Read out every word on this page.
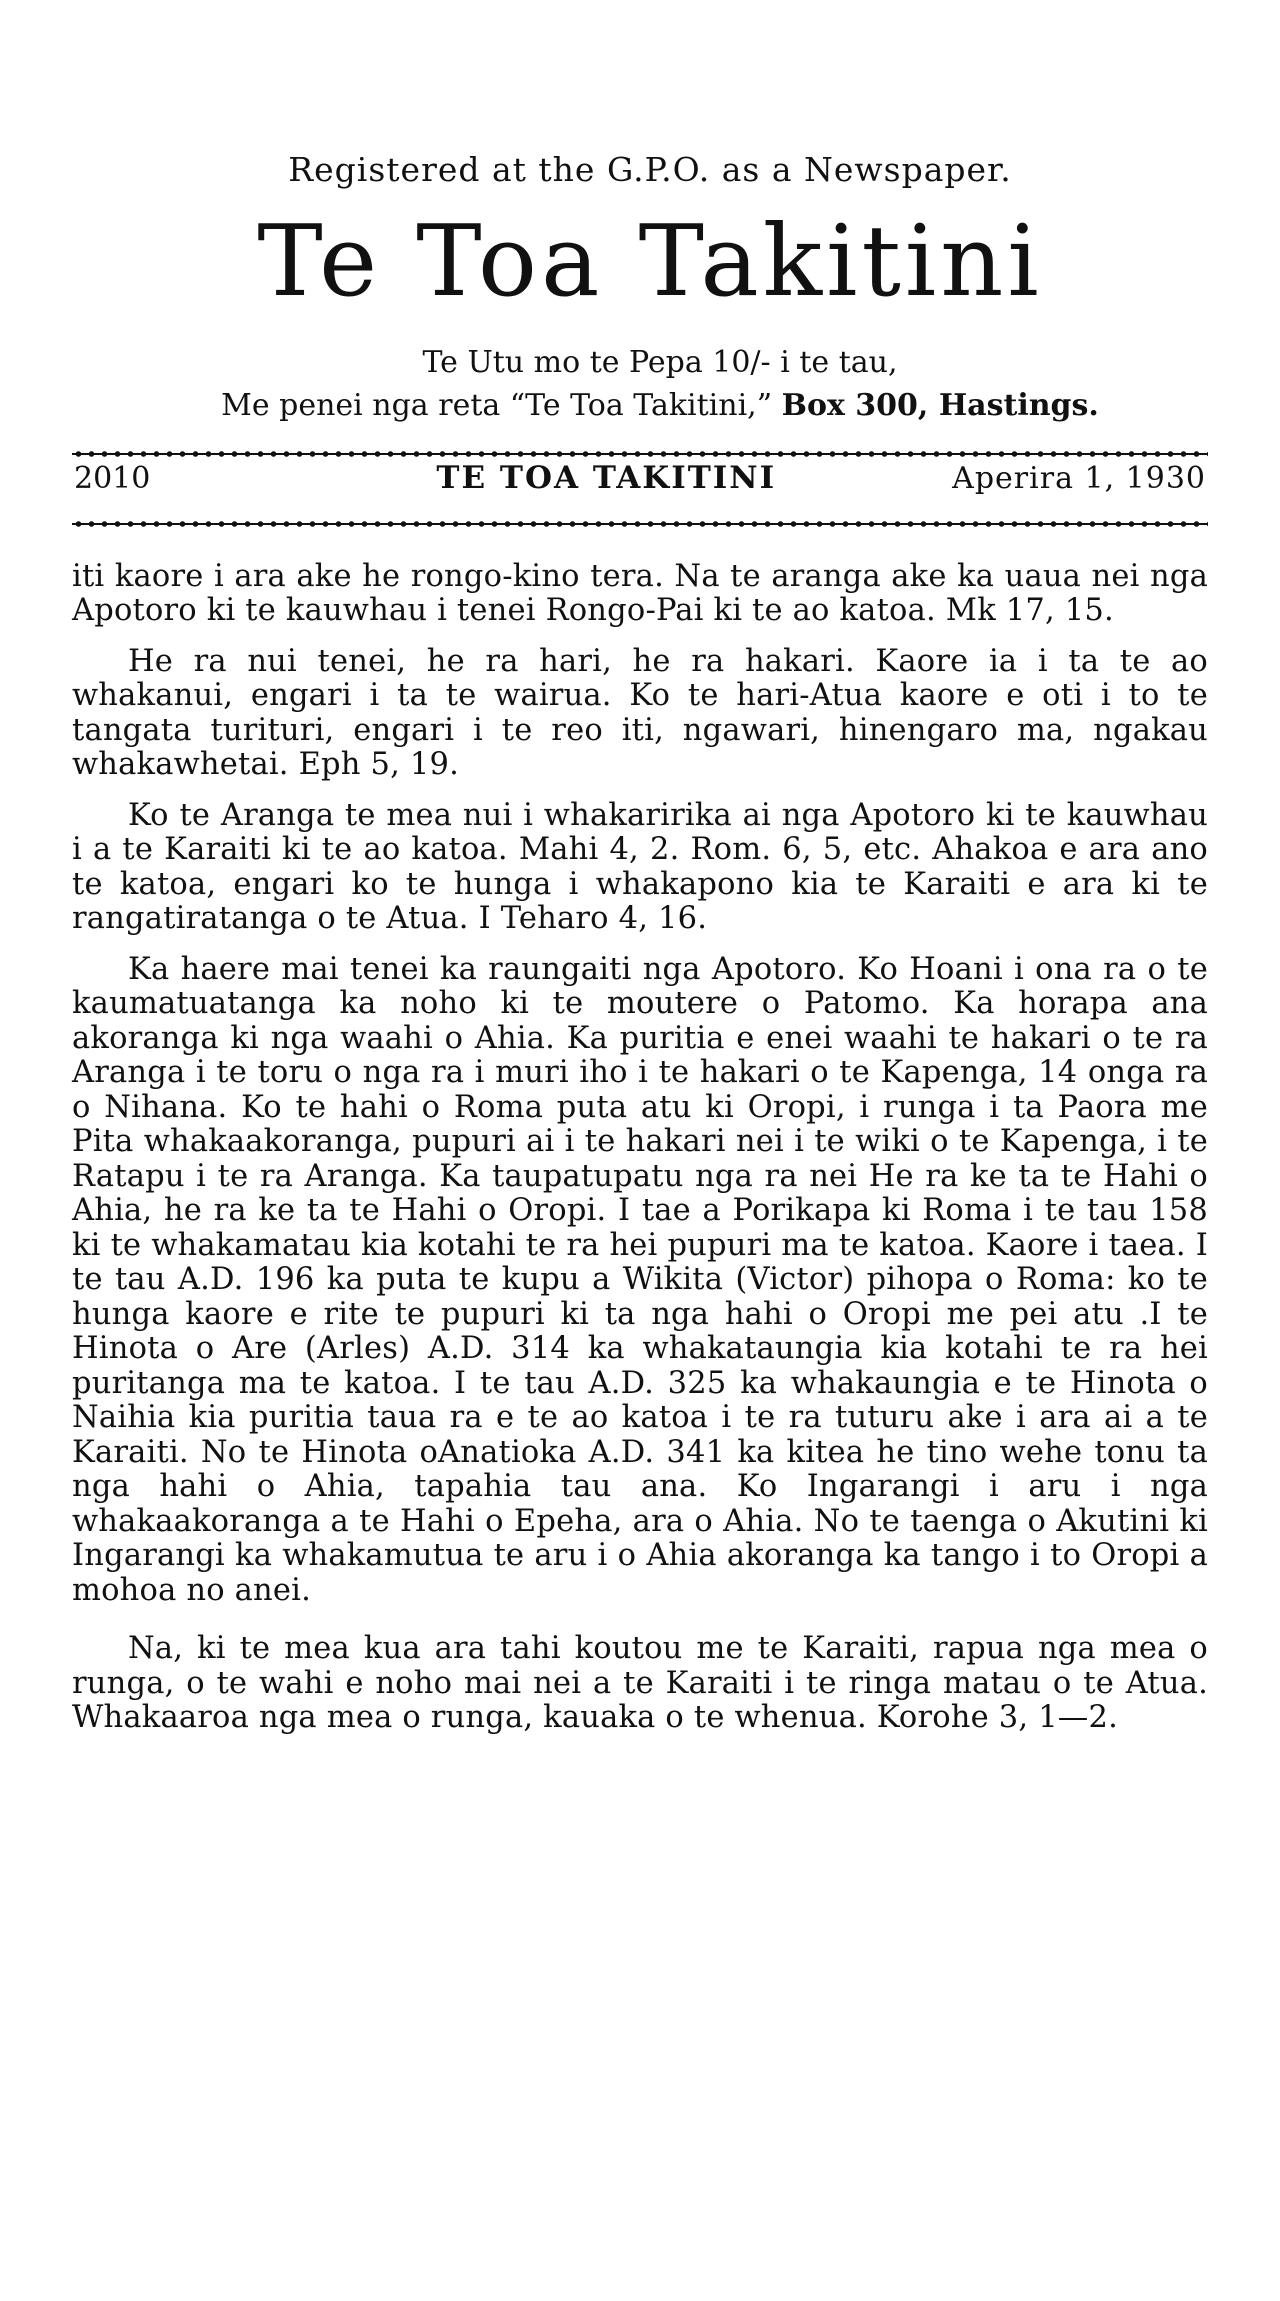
Registered at the G.P.O. as a Newspaper.
Te Toa Takitini
Te Utu mo te Pepa 10/- i te tau,
Me penei nga reta “Te Toa Takitini,” Box 300, Hastings.
2010	TE TOA TAKITINI	Aperira 1, 1930

iti kaore i ara ake he rongo-kino tera. Na te aranga ake ka uaua nei nga Apotoro ki te kauwhau i tenei Rongo-Pai ki te ao katoa. Mk 17, 15.

He ra nui tenei, he ra hari, he ra hakari. Kaore ia i ta te ao whakanui, engari i ta te wairua. Ko te hari-Atua kaore e oti i to te tangata turituri, engari i te reo iti, ngawari, hinengaro ma, ngakau whakawhetai. Eph 5, 19.

Ko te Aranga te mea nui i whakaririka ai nga Apotoro ki te kauwhau i a te Karaiti ki te ao katoa. Mahi 4, 2. Rom. 6, 5, etc. Ahakoa e ara ano te katoa, engari ko te hunga i whakapono kia te Karaiti e ara ki te rangatiratanga o te Atua. I Teharo 4, 16.

Ka haere mai tenei ka raungaiti nga Apotoro. Ko Hoani i ona ra o te kaumatuatanga ka noho ki te moutere o Patomo. Ka horapa ana akoranga ki nga waahi o Ahia. Ka puritia e enei waahi te hakari o te ra Aranga i te toru o nga ra i muri iho i te hakari o te Kapenga, 14 onga ra o Nihana. Ko te hahi o Roma puta atu ki Oropi, i runga i ta Paora me Pita whakaakoranga, pupuri ai i te hakari nei i te wiki o te Kapenga, i te Ratapu i te ra Aranga. Ka taupatupatu nga ra nei He ra ke ta te Hahi o Ahia, he ra ke ta te Hahi o Oropi. I tae a Porikapa ki Roma i te tau 158 ki te whakamatau kia kotahi te ra hei pupuri ma te katoa. Kaore i taea. I te tau A.D. 196 ka puta te kupu a Wikita (Victor) pihopa o Roma: ko te hunga kaore e rite te pupuri ki ta nga hahi o Oropi me pei atu .I te Hinota o Are (Arles) A.D. 314 ka whakataungia kia kotahi te ra hei puritanga ma te katoa. I te tau A.D. 325 ka whakaungia e te Hinota o Naihia kia puritia taua ra e te ao katoa i te ra tuturu ake i ara ai a te Karaiti. No te Hinota oAnatioka A.D. 341 ka kitea he tino wehe tonu ta nga hahi o Ahia, tapahia tau ana. Ko Ingarangi i aru i nga whakaakoranga a te Hahi o Epeha, ara o Ahia. No te taenga o Akutini ki Ingarangi ka whakamutua te aru i o Ahia akoranga ka tango i to Oropi a mohoa no anei.

Na, ki te mea kua ara tahi koutou me te Karaiti, rapua nga mea o runga, o te wahi e noho mai nei a te Karaiti i te ringa matau o te Atua. Whakaaroa nga mea o runga, kauaka o te whenua. Korohe 3, 1—2.
